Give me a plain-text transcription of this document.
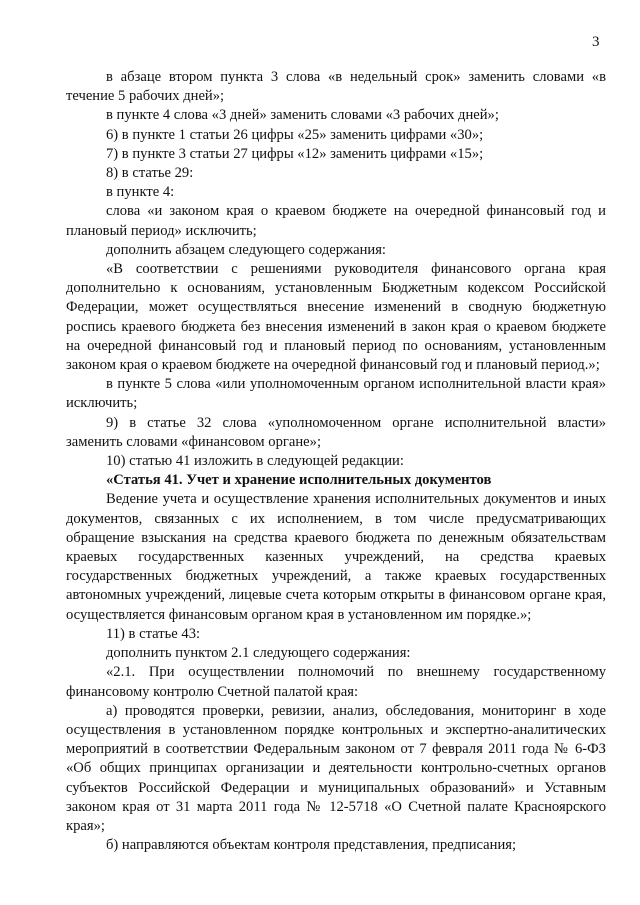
3

в абзаце втором пункта 3 слова «в недельный срок» заменить словами «в течение 5 рабочих дней»;

в пункте 4 слова «3 дней» заменить словами «3 рабочих дней»;

6) в пункте 1 статьи 26 цифры «25» заменить цифрами «30»;

7) в пункте 3 статьи 27 цифры «12» заменить цифрами «15»;

8) в статье 29:

в пункте 4:

слова «и законом края о краевом бюджете на очередной финансовый год и плановый период» исключить;

дополнить абзацем следующего содержания:

«В соответствии с решениями руководителя финансового органа края дополнительно к основаниям, установленным Бюджетным кодексом Российской Федерации, может осуществляться внесение изменений в сводную бюджетную роспись краевого бюджета без внесения изменений в закон края о краевом бюджете на очередной финансовый год и плановый период по основаниям, установленным законом края о краевом бюджете на очередной финансовый год и плановый период.»;

в пункте 5 слова «или уполномоченным органом исполнительной власти края» исключить;

9) в статье 32 слова «уполномоченном органе исполнительной власти» заменить словами «финансовом органе»;

10) статью 41 изложить в следующей редакции:

«Статья 41. Учет и хранение исполнительных документов

Ведение учета и осуществление хранения исполнительных документов и иных документов, связанных с их исполнением, в том числе предусматривающих обращение взыскания на средства краевого бюджета по денежным обязательствам краевых государственных казенных учреждений, на средства краевых государственных бюджетных учреждений, а также краевых государственных автономных учреждений, лицевые счета которым открыты в финансовом органе края, осуществляется финансовым органом края в установленном им порядке.»;

11) в статье 43:

дополнить пунктом 2.1 следующего содержания:

«2.1. При осуществлении полномочий по внешнему государственному финансовому контролю Счетной палатой края:

а) проводятся проверки, ревизии, анализ, обследования, мониторинг в ходе осуществления в установленном порядке контрольных и экспертно-аналитических мероприятий в соответствии Федеральным законом от 7 февраля 2011 года № 6-ФЗ «Об общих принципах организации и деятельности контрольно-счетных органов субъектов Российской Федерации и муниципальных образований» и Уставным законом края от 31 марта 2011 года № 12-5718 «О Счетной палате Красноярского края»;

б) направляются объектам контроля представления, предписания;
